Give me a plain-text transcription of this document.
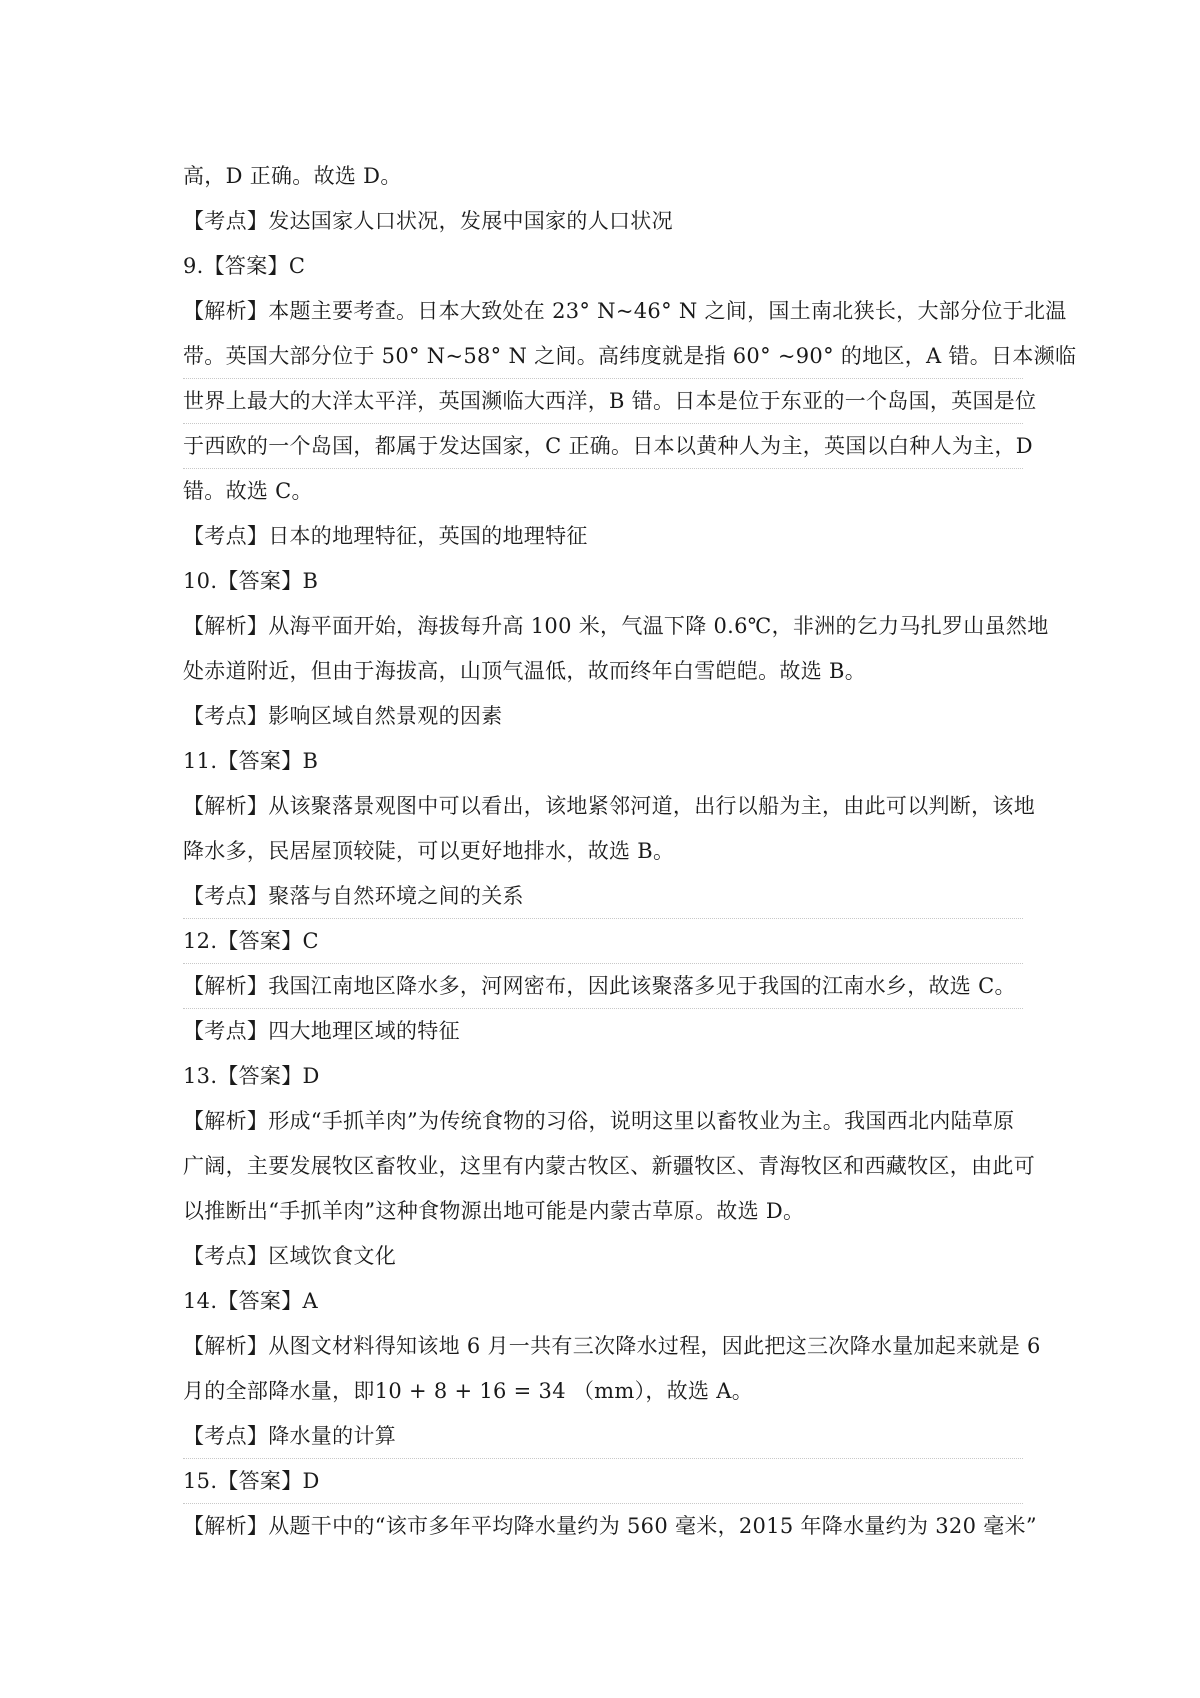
高，D 正确。故选 D。
【考点】发达国家人口状况，发展中国家的人口状况
9.【答案】C
【解析】本题主要考查。日本大致处在 23° N~46° N 之间，国土南北狭长，大部分位于北温
带。英国大部分位于 50° N~58° N 之间。高纬度就是指 60° ~90° 的地区，A 错。日本濒临
世界上最大的大洋太平洋，英国濒临大西洋，B 错。日本是位于东亚的一个岛国，英国是位
于西欧的一个岛国，都属于发达国家，C 正确。日本以黄种人为主，英国以白种人为主，D
错。故选 C。
【考点】日本的地理特征，英国的地理特征
10.【答案】B
【解析】从海平面开始，海拔每升高 100 米，气温下降 0.6℃，非洲的乞力马扎罗山虽然地
处赤道附近，但由于海拔高，山顶气温低，故而终年白雪皑皑。故选 B。
【考点】影响区域自然景观的因素
11.【答案】B
【解析】从该聚落景观图中可以看出，该地紧邻河道，出行以船为主，由此可以判断，该地
降水多，民居屋顶较陡，可以更好地排水，故选 B。
【考点】聚落与自然环境之间的关系
12.【答案】C
【解析】我国江南地区降水多，河网密布，因此该聚落多见于我国的江南水乡，故选 C。
【考点】四大地理区域的特征
13.【答案】D
【解析】形成“手抓羊肉”为传统食物的习俗，说明这里以畜牧业为主。我国西北内陆草原
广阔，主要发展牧区畜牧业，这里有内蒙古牧区、新疆牧区、青海牧区和西藏牧区，由此可
以推断出“手抓羊肉”这种食物源出地可能是内蒙古草原。故选 D。
【考点】区域饮食文化
14.【答案】A
【解析】从图文材料得知该地 6 月一共有三次降水过程，因此把这三次降水量加起来就是 6
月的全部降水量，即10 + 8 + 16 = 34 （mm），故选 A。
【考点】降水量的计算
15.【答案】D
【解析】从题干中的“该市多年平均降水量约为 560 毫米，2015 年降水量约为 320 毫米”
